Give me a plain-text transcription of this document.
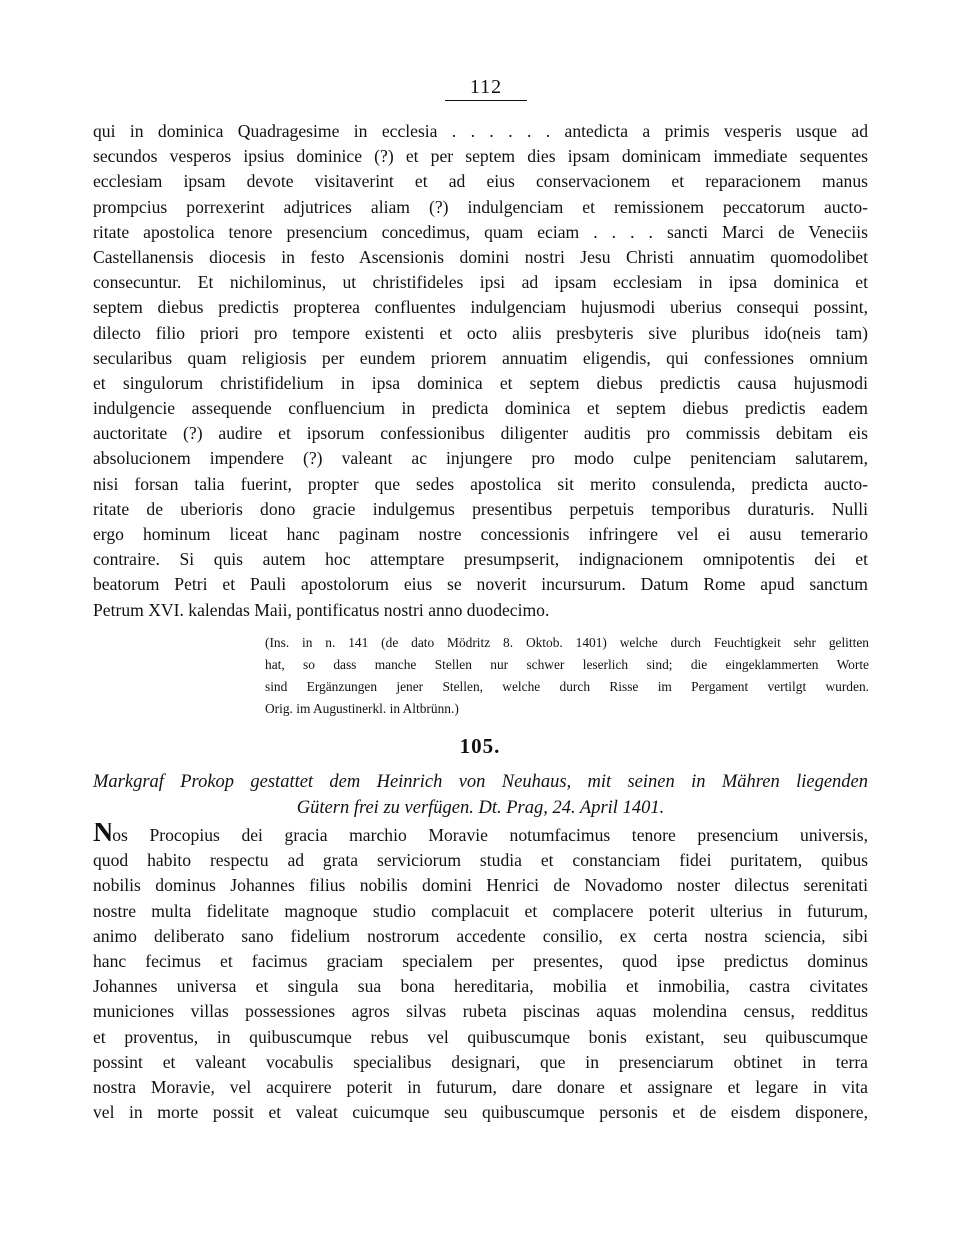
112
qui in dominica Quadragesime in ecclesia . . . . . . antedicta a primis vesperis usque ad
secundos vesperos ipsius dominice (?) et per septem dies ipsam dominicam immediate sequentes
ecclesiam ipsam devote visitaverint et ad eius conservacionem et reparacionem manus
prompcius porrexerint adjutrices aliam (?) indulgenciam et remissionem peccatorum aucto-
ritate apostolica tenore presencium concedimus, quam eciam . . . . sancti Marci de Veneciis
Castellanensis diocesis in festo Ascensionis domini nostri Jesu Christi annuatim quomodolibet
consecuntur. Et nichilominus, ut christifideles ipsi ad ipsam ecclesiam in ipsa dominica et
septem diebus predictis propterea confluentes indulgenciam hujusmodi uberius consequi possint,
dilecto filio priori pro tempore existenti et octo aliis presbyteris sive pluribus ido(neis tam)
secularibus quam religiosis per eundem priorem annuatim eligendis, qui confessiones omnium
et singulorum christifidelium in ipsa dominica et septem diebus predictis causa hujusmodi
indulgencie assequende confluencium in predicta dominica et septem diebus predictis eadem
auctoritate (?) audire et ipsorum confessionibus diligenter auditis pro commissis debitam eis
absolucionem impendere (?) valeant ac injungere pro modo culpe penitenciam salutarem,
nisi forsan talia fuerint, propter que sedes apostolica sit merito consulenda, predicta aucto-
ritate de uberioris dono gracie indulgemus presentibus perpetuis temporibus duraturis. Nulli
ergo hominum liceat hanc paginam nostre concessionis infringere vel ei ausu temerario
contraire. Si quis autem hoc attemptare presumpserit, indignacionem omnipotentis dei et
beatorum Petri et Pauli apostolorum eius se noverit incursurum. Datum Rome apud sanctum
Petrum XVI. kalendas Maii, pontificatus nostri anno duodecimo.
(Ins. in n. 141 (de dato Mödritz 8. Oktob. 1401) welche durch Feuchtigkeit sehr gelitten
hat, so dass manche Stellen nur schwer leserlich sind; die eingeklammerten Worte
sind Ergänzungen jener Stellen, welche durch Risse im Pergament vertilgt wurden.
Orig. im Augustinerkl. in Altbrünn.)
105.
Markgraf Prokop gestattet dem Heinrich von Neuhaus, mit seinen in Mähren liegenden
Gütern frei zu verfügen. Dt. Prag, 24. April 1401.
Nos Procopius dei gracia marchio Moravie notumfacimus tenore presencium universis,
quod habito respectu ad grata serviciorum studia et constanciam fidei puritatem, quibus
nobilis dominus Johannes filius nobilis domini Henrici de Novadomo noster dilectus serenitati
nostre multa fidelitate magnoque studio complacuit et complacere poterit ulterius in futurum,
animo deliberato sano fidelium nostrorum accedente consilio, ex certa nostra sciencia, sibi
hanc fecimus et facimus graciam specialem per presentes, quod ipse predictus dominus
Johannes universa et singula sua bona hereditaria, mobilia et inmobilia, castra civitates
municiones villas possessiones agros silvas rubeta piscinas aquas molendina census, redditus
et proventus, in quibuscumque rebus vel quibuscumque bonis existant, seu quibuscumque
possint et valeant vocabulis specialibus designari, que in presenciarum obtinet in terra
nostra Moravie, vel acquirere poterit in futurum, dare donare et assignare et legare in vita
vel in morte possit et valeat cuicumque seu quibuscumque personis et de eisdem disponere,
